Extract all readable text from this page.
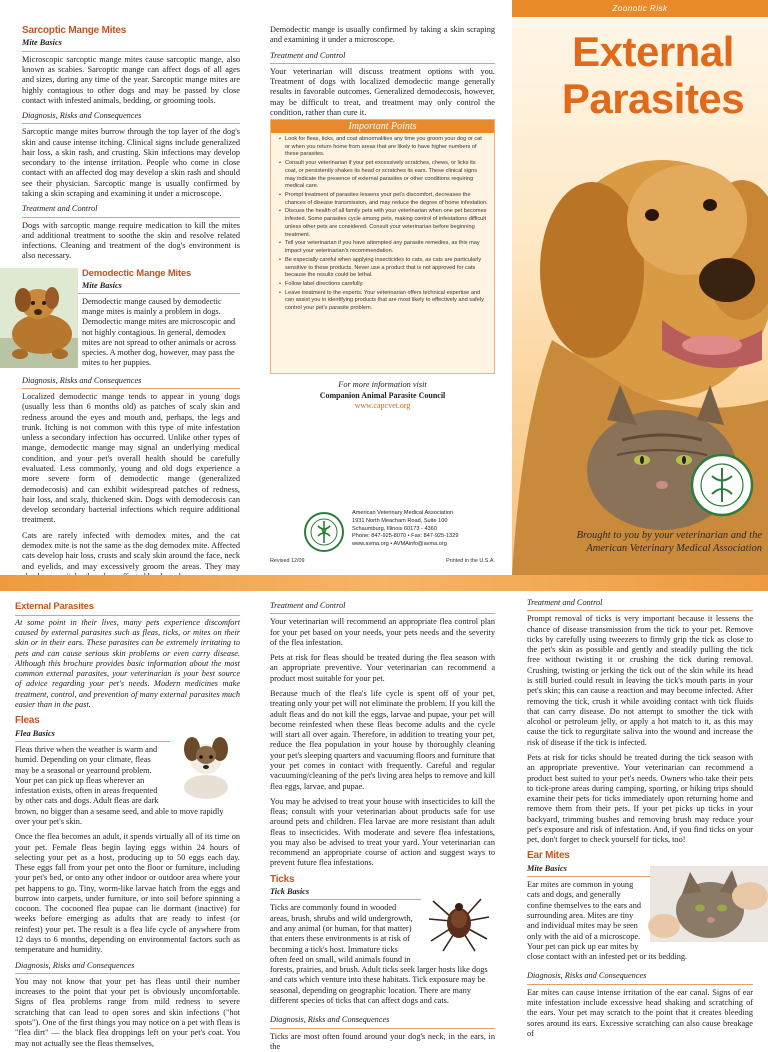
Sarcoptic Mange Mites
Mite Basics

Microscopic sarcoptic mange mites cause sarcoptic mange, also known as scabies. Sarcoptic mange can affect dogs of all ages and sizes, during any time of the year. Sarcoptic mange mites are highly contagious to other dogs and may be passed by close contact with infested animals, bedding, or grooming tools.

Diagnosis, Risks and Consequences

Sarcoptic mange mites burrow through the top layer of the dog's skin and cause intense itching. Clinical signs include generalized hair loss, a skin rash, and crusting. Skin infections may develop secondary to the intense irritation. People who come in close contact with an affected dog may develop a skin rash and should see their physician. Sarcoptic mange is usually confirmed by taking a skin scraping and examining it under a microscope.

Treatment and Control

Dogs with sarcoptic mange require medication to kill the mites and additional treatment to soothe the skin and resolve related infections. Cleaning and treatment of the dog's environment is also necessary.

Demodectic Mange Mites
Mite Basics

Demodectic mange caused by demodectic mange mites is mainly a problem in dogs. Demodectic mange mites are microscopic and not highly contagious. In general, demodex mites are not spread to other animals or across species. A mother dog, however, may pass the mites to her puppies.

Diagnosis, Risks and Consequences

Localized demodectic mange tends to appear in young dogs (usually less than 6 months old) as patches of scaly skin and redness around the eyes and mouth and, perhaps, the legs and trunk. Itching is not common with this type of mite infestation unless a secondary infection has occurred. Unlike other types of mange, demodectic mange may signal an underlying medical condition, and your pet's overall health should be carefully evaluated. Less commonly, young and old dogs experience a more severe form of demodectic mange (generalized demodecosis) and can exhibit widespread patches of redness, hair loss, and scaly, thickened skin. Dogs with demodecosis can develop secondary bacterial infections which require additional treatment.

Cats are rarely infected with demodex mites, and the cat demodex mite is not the same as the dog demodex mite. Affected cats develop hair loss, crusts and scaly skin around the face, neck and eyelids, and may excessively groom the areas. They may

Demodectic mange is usually confirmed by taking a skin scraping and examining it under a microscope.

Treatment and Control

Your veterinarian will discuss treatment options with you. Treatment of dogs with localized demodectic mange generally results in favorable outcomes. Generalized demodecosis, however, may be difficult to treat, and treatment may only control the condition, rather than cure it.

Important Points
• Look for fleas, ticks, and coat abnormalities any time you groom your dog or cat or when you return home from areas that are likely to have higher numbers of these parasites.
• Consult your veterinarian if your pet excessively scratches, chews, or licks its coat, or persistently shakes its head or scratches its ears. These clinical signs may indicate the presence of external parasites or other conditions requiring medical care.
• Prompt treatment of parasites lessens your pet's discomfort, decreases the chances of disease transmission, and may reduce the degree of home infestation.
• Discuss the health of all family pets with your veterinarian when one pet becomes infested. Some parasites cycle among pets, making control of infestations difficult unless other pets are considered. Consult your veterinarian before beginning treatment.
• Tell your veterinarian if you have attempted any parasite remedies, as this may impact your veterinarian's recommendation.
• Be especially careful when applying insecticides to cats, as cats are particularly sensitive to these products. Never use a product that is not approved for cats because the results could be lethal.
• Follow label directions carefully.
• Leave treatment to the experts. Your veterinarian offers technical expertise and can assist you in identifying products that are most likely to effectively and safely control your pet's parasite problem.
For more information visit
Companion Animal Parasite Council
www.capcvet.org
V
American Veterinary Medical Association
1931 North Meacham Road, Suite 100
Schaumburg, Illinois 60173 - 4360
Phone: 847-925-8070 • Fax: 847-925-1329
www.avma.org • AVMAinfo@avma.org
Revised 12/09	Printed in the U.S.A.
Zoonotic Risk
External
Parasites
Brought to you by your veterinarian and the
American Veterinary Medical Association
External Parasites

At some point in their lives, many pets experience discomfort caused by external parasites such as fleas, ticks, or mites on their skin or in their ears. These parasites can be extremely irritating to pets and can cause serious skin problems or even carry disease. Although this brochure provides basic information about the most common external parasites, your veterinarian is your best source of advice regarding your pet's needs. Modern medicines make treatment, control, and prevention of many external parasites much easier than in the past.

Fleas
Flea Basics

Fleas thrive when the weather is warm and humid. Depending on your climate, fleas may be a seasonal or yearround problem. Your pet can pick up fleas wherever an infestation exists, often in areas frequented by other cats and dogs. Adult fleas are dark brown, no bigger than a sesame seed, and able to move rapidly over your pet's skin.

Once the flea becomes an adult, it spends virtually all of its time on your pet. Female fleas begin laying eggs within 24 hours of selecting your pet as a host, producing up to 50 eggs each day. These eggs fall from your pet onto the floor or furniture, including your pet's bed, or onto any other indoor or outdoor area where your pet happens to go. Tiny, worm-like larvae hatch from the eggs and burrow into carpets, under furniture, or into soil before spinning a cocoon. The cocooned flea pupae can lie dormant (inactive) for weeks before emerging as adults that are ready to infest (or reinfest) your pet. The result is a flea life cycle of anywhere from 12 days to 6 months, depending on environmental factors such as temperature and humidity.

Diagnosis, Risks and Consequences

You may not know that your pet has fleas until their number increases to the point that your pet is obviously uncomfortable. Signs of flea problems range from mild redness to severe scratching that can lead to open sores and skin infections ("hot spots"). One of the first things you may notice on a pet with fleas is "flea dirt" — the black flea droppings left on your pet's coat. You may not actually see the fleas themselves,

Treatment and Control

Your veterinarian will recommend an appropriate flea control plan for your pet based on your needs, your pets needs and the severity of the flea infestation.

Pets at risk for fleas should be treated during the flea season with an appropriate preventive. Your veterinarian can recommend a product most suitable for your pet.

Because much of the flea's life cycle is spent off of your pet, treating only your pet will not eliminate the problem. If you kill the adult fleas and do not kill the eggs, larvae and pupae, your pet will become reinfested when these fleas become adults and the cycle will start all over again. Therefore, in addition to treating your pet, reduce the flea population in your house by thoroughly cleaning your pet's sleeping quarters and vacuuming floors and furniture that your pet comes in contact with frequently. Careful and regular vacuuming/cleaning of the pet's living area helps to remove and kill flea eggs, larvae, and pupae.

You may be advised to treat your house with insecticides to kill the fleas; consult with your veterinarian about products safe for use around pets and children. Flea larvae are more resistant than adult fleas to insecticides. With moderate and severe flea infestations, you may also be advised to treat your yard. Your veterinarian can recommend an appropriate course of action and suggest ways to prevent future flea infestations.

Ticks
Tick Basics

Ticks are commonly found in wooded areas, brush, shrubs and wild undergrowth, and any animal (or human, for that matter) that enters these environments is at risk of becoming a tick's host. Immature ticks often feed on small, wild animals found in forests, prairies, and brush. Adult ticks seek larger hosts like dogs and cats which venture into these habitats. Tick exposure may be seasonal, depending on geographic location. There are many different species of ticks that can affect dogs and cats.

Diagnosis, Risks and Consequences

Ticks are most often found around your dog's neck, in the ears, in the

Treatment and Control

Prompt removal of ticks is very important because it lessens the chance of disease transmission from the tick to your pet. Remove ticks by carefully using tweezers to firmly grip the tick as close to the pet's skin as possible and gently and steadily pulling the tick free without twisting it or crushing the tick during removal. Crushing, twisting or jerking the tick out of the skin while its head is still buried could result in leaving the tick's mouth parts in your pet's skin; this can cause a reaction and may become infected. After removing the tick, crush it while avoiding contact with tick fluids that can carry disease. Do not attempt to smother the tick with alcohol or petroleum jelly, or apply a hot match to it, as this may cause the tick to regurgitate saliva into the wound and increase the risk of disease if the tick is infected.

Pets at risk for ticks should be treated during the tick season with an appropriate preventive. Your veterinarian can recommend a product best suited to your pet's needs. Owners who take their pets to tick-prone areas during camping, sporting, or hiking trips should examine their pets for ticks immediately upon returning home and remove them from their pets. If your pet picks up ticks in your backyard, trimming bushes and removing brush may reduce your pet's exposure and risk of infestation. And, if you find ticks on your pet, don't forget to check yourself for ticks, too!

Ear Mites
Mite Basics

Ear mites are common in young cats and dogs, and generally confine themselves to the ears and surrounding area. Mites are tiny and individual mites may be seen only with the aid of a microscope. Your pet can pick up ear mites by close contact with an infested pet or its bedding.

Diagnosis, Risks and Consequences

Ear mites can cause intense irritation of the ear canal. Signs of ear mite infestation include excessive head shaking and scratching of the ears. Your pet may scratch to the point that it creates bleeding sores around its ears. Excessive scratching can also cause breakage of
